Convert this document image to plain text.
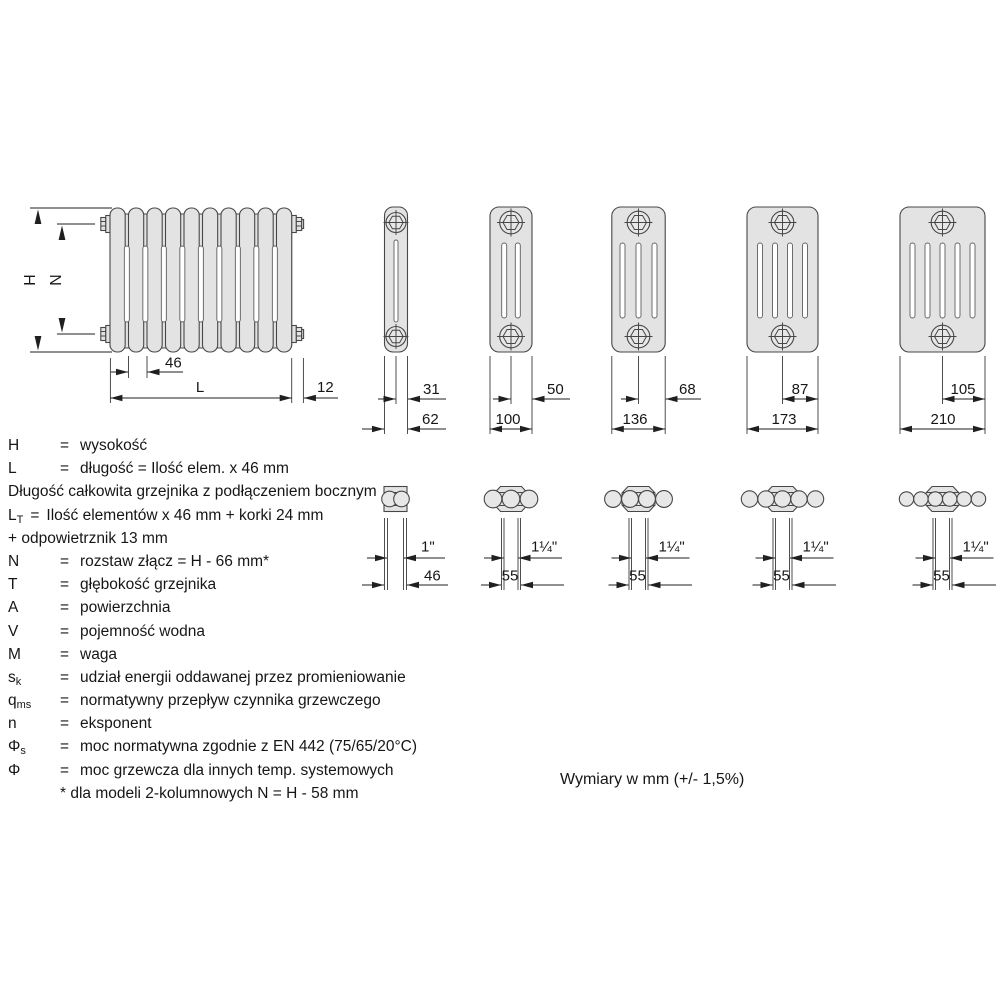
H N
46
L	12	31
62
50
100
68
136
87
173
105
210
1"
46
1¼"
55
1¼"
55
1¼"
55
1¼"
55
H	= wysokość
L	= długość = Ilość elem. x 46 mm
Długość całkowita grzejnika z podłączeniem bocznym
LT = Ilość elementów x 46 mm + korki 24 mm
+ odpowietrznik 13 mm
N	= rozstaw złącz = H - 66 mm*
T	= głębokość grzejnika
A	= powierzchnia
V	= pojemność wodna
M	= waga
sk	= udział energii oddawanej przez promieniowanie
qms = normatywny przepływ czynnika grzewczego
n	= eksponent
Φs = moc normatywna zgodnie z EN 442 (75/65/20°C)
Φ	= moc grzewcza dla innych temp. systemowych
* dla modeli 2-kolumnowych N = H - 58 mm
Wymiary w mm (+/- 1,5%)
